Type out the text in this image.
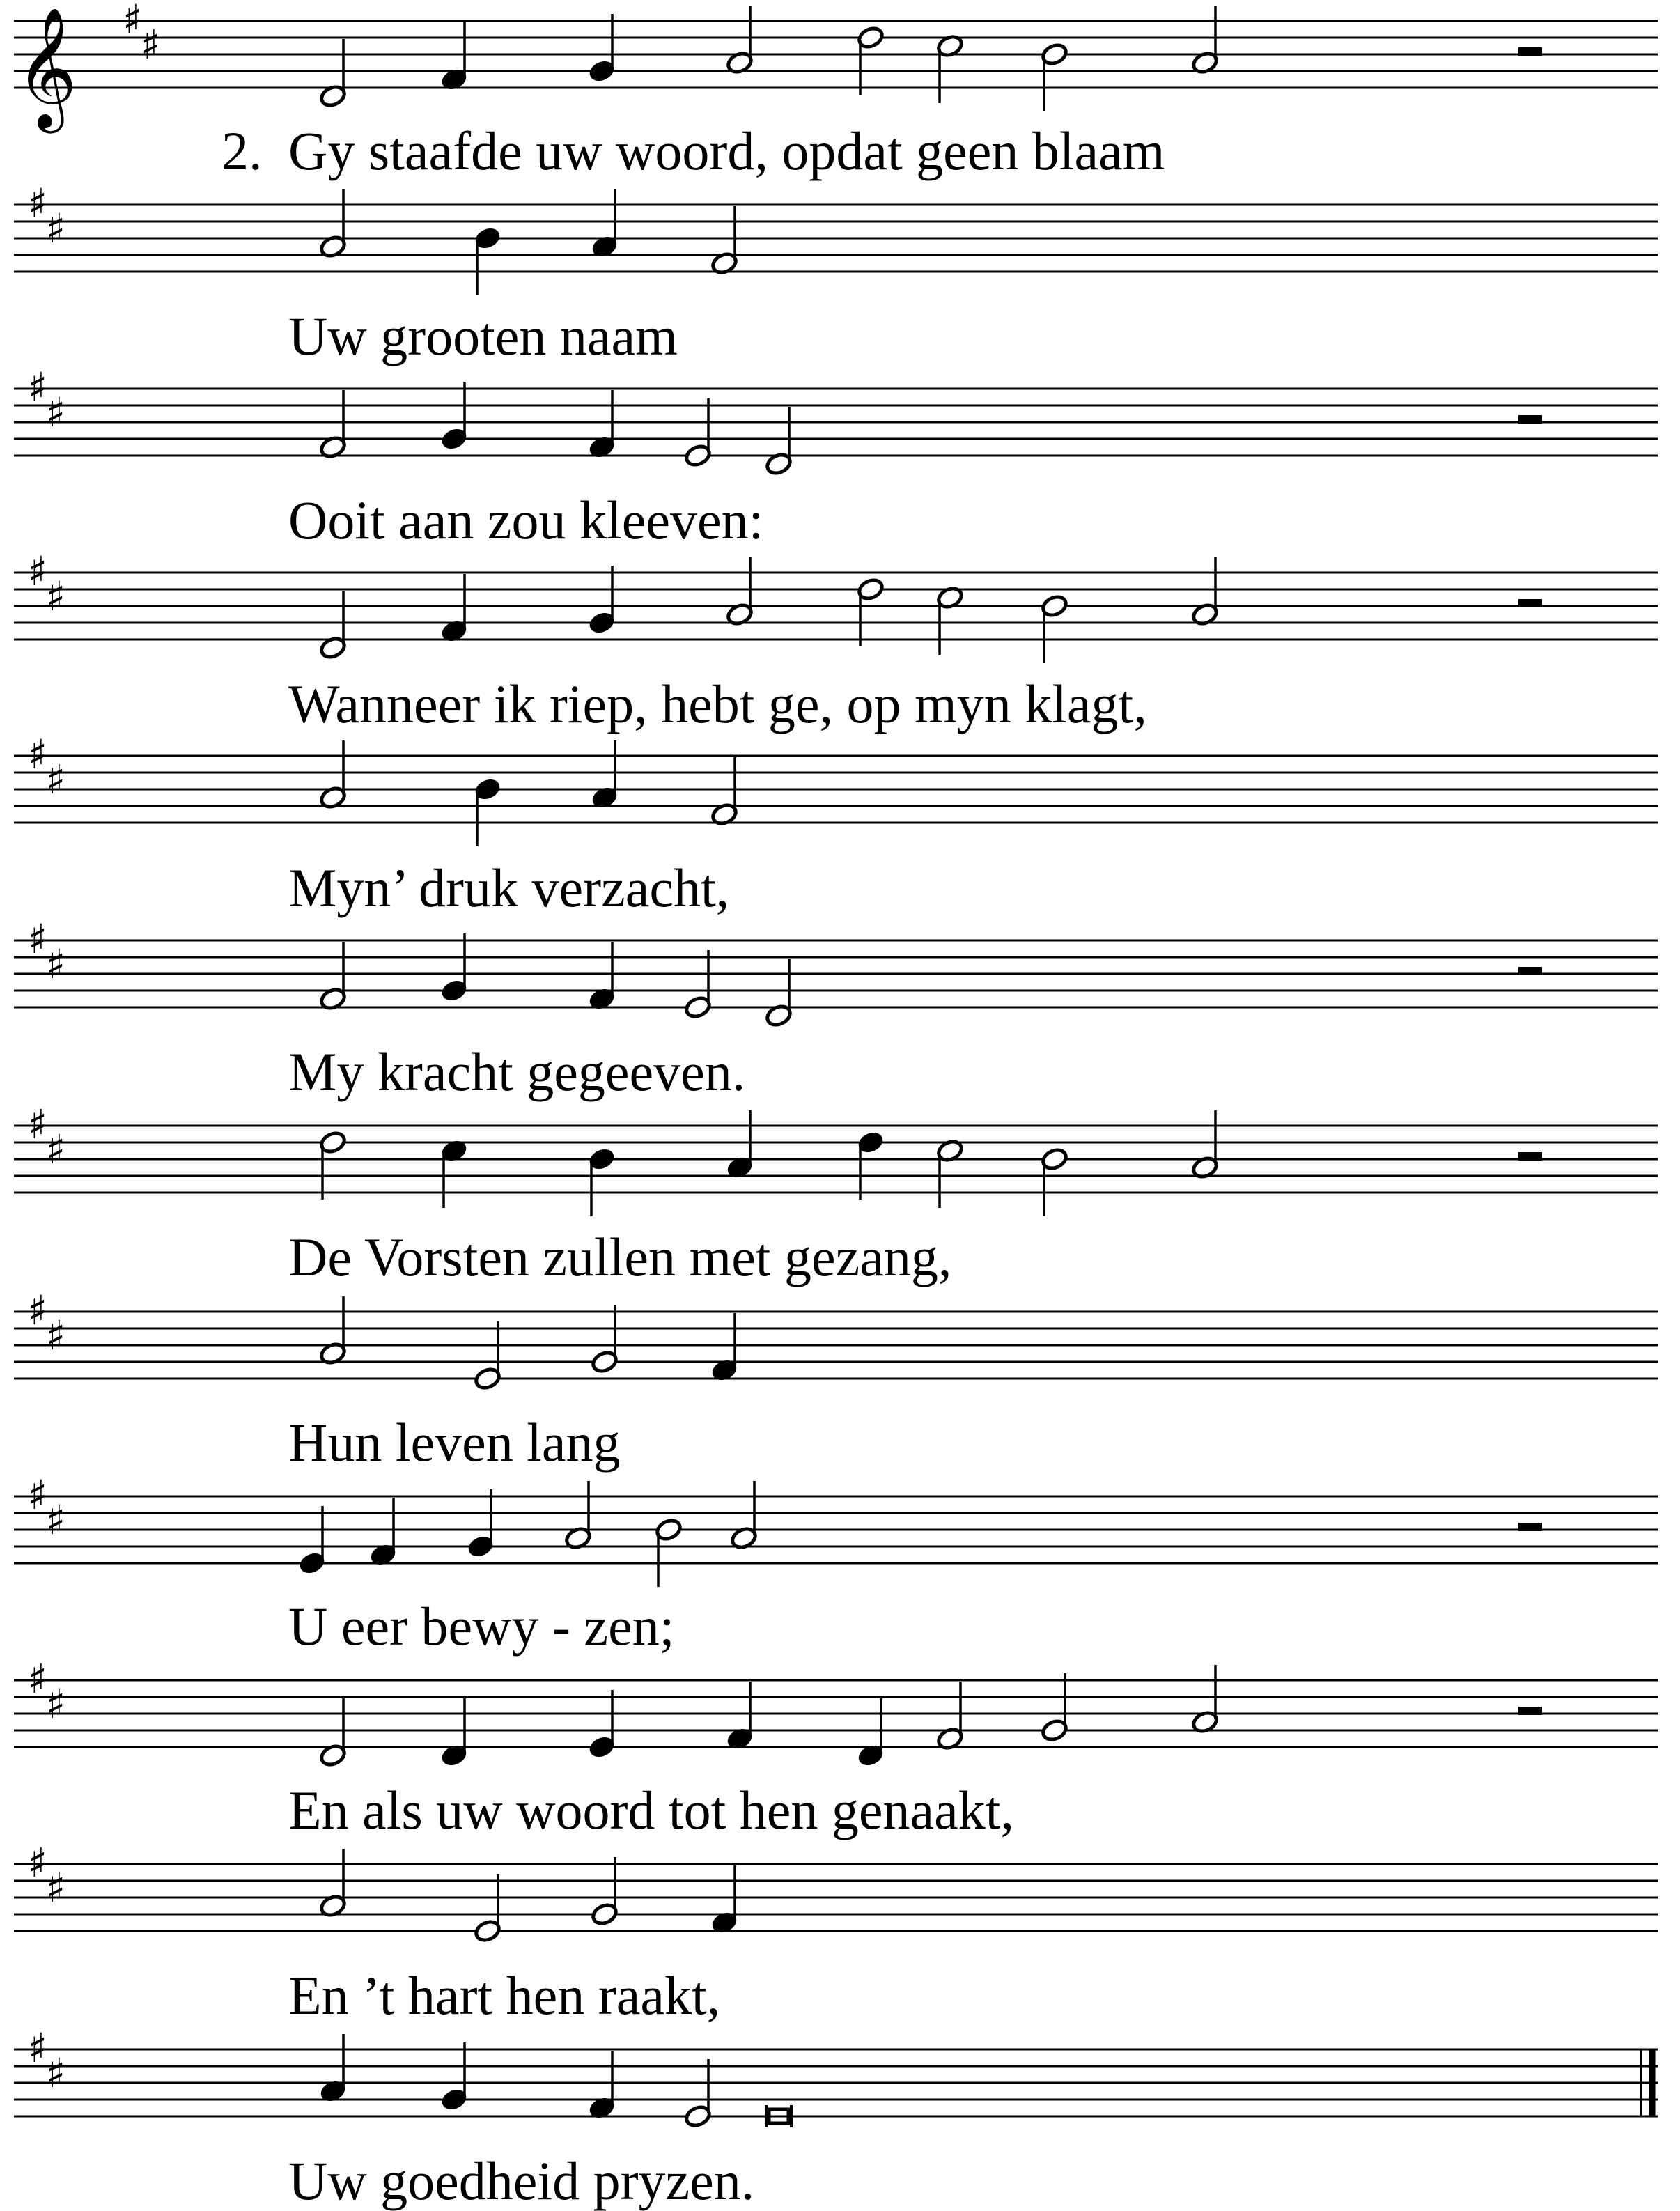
𝄞 ♯
♯
♯
♯
♯
♯
♯
♯
♯
♯
♯
♯
♯
♯
♯
♯
♯
♯
♯
♯
♯
♯
♯
♯
2. Gy staafde uw woord, opdat geen blaam
Uw grooten naam
Ooit aan zou kleeven:
Wanneer ik riep, hebt ge, op myn klagt,
Myn’ druk verzacht,
My kracht gegeeven.
De Vorsten zullen met gezang,
Hun leven lang
U eer bewy - zen;
En als uw woord tot hen genaakt,
En ’t hart hen raakt,
Uw goedheid pryzen.
